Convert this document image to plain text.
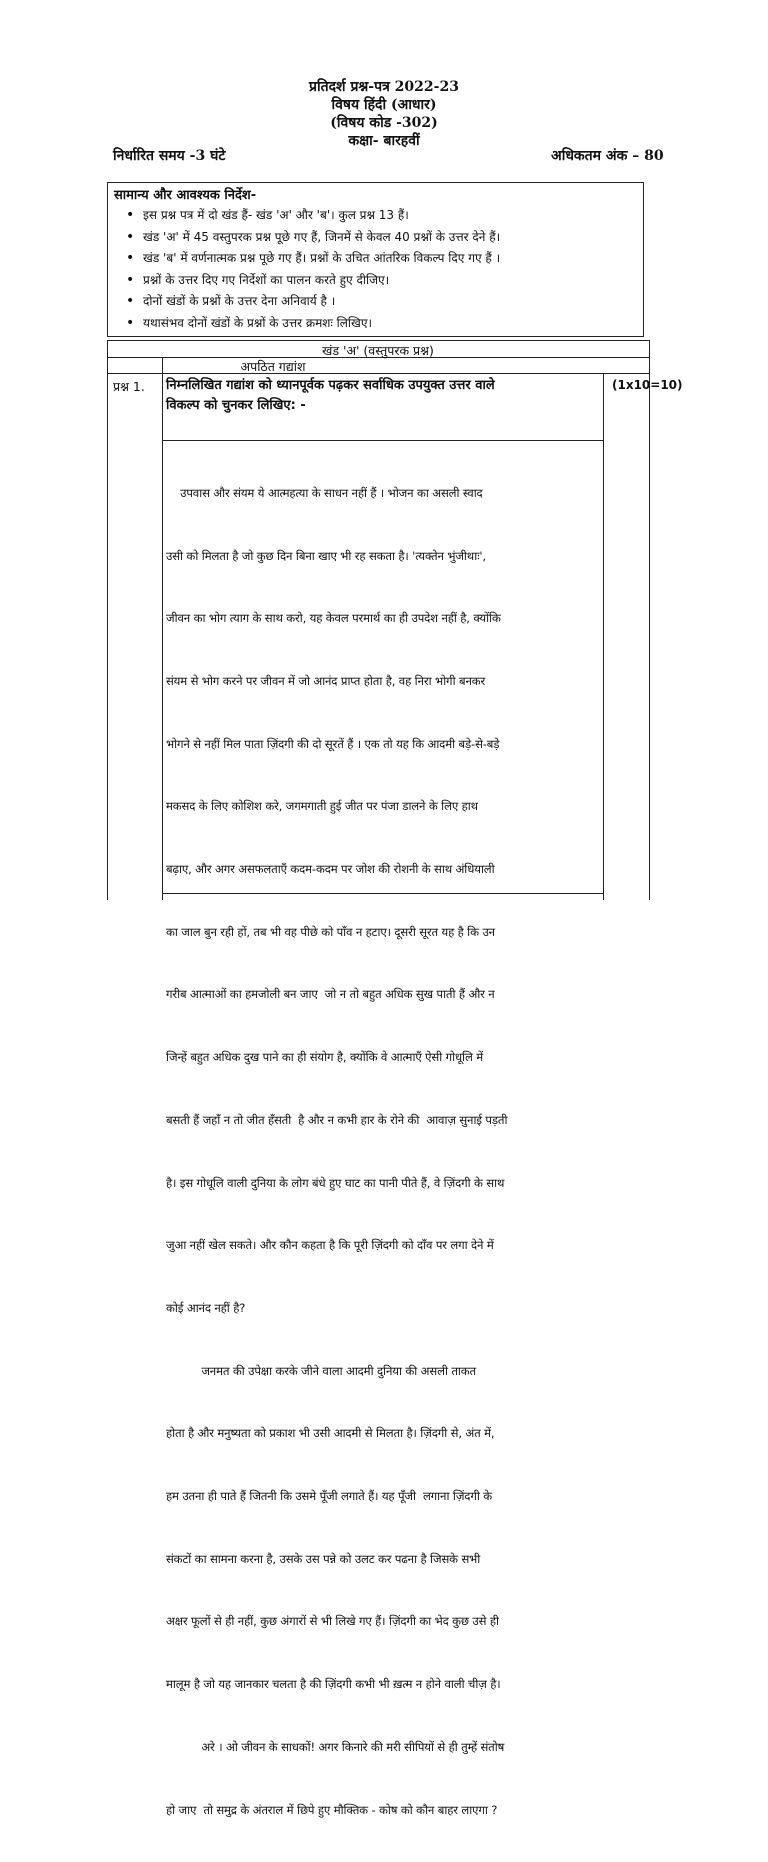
प्रतिदर्श प्रश्न-पत्र 2022-23
विषय हिंदी (आधार)
(विषय कोड -302)
कक्षा- बारहवीं
निर्धारित समय -3 घंटे	अधिकतम अंक – 80
सामान्य और आवश्यक निर्देश-
• इस प्रश्न पत्र में दो खंड हैं- खंड 'अ' और 'ब'। कुल प्रश्न 13 हैं।
• खंड 'अ' में 45 वस्तुपरक प्रश्न पूछे गए हैं, जिनमें से केवल 40 प्रश्नों के उत्तर देने हैं।
• खंड 'ब' में वर्णनात्मक प्रश्न पूछे गए हैं। प्रश्नों के उचित आंतरिक विकल्प दिए गए हैं ।
• प्रश्नों के उत्तर दिए गए निर्देशों का पालन करते हुए दीजिए।
• दोनों खंडों के प्रश्नों के उत्तर देना अनिवार्य है ।
• यथासंभव दोनों खंडों के प्रश्नों के उत्तर क्रमशः लिखिए।
खंड 'अ' (वस्तुपरक प्रश्न)
अपठित गद्यांश
प्रश्न 1. निम्नलिखित गद्यांश को ध्यानपूर्वक पढ़कर सर्वाधिक उपयुक्त उत्तर वाले
विकल्प को चुनकर लिखिए: -
(1x10=10)

उपवास और संयम ये आत्महत्या के साधन नहीं हैं । भोजन का असली स्वाद

उसी को मिलता है जो कुछ दिन बिना खाए भी रह सकता है। 'त्यक्तेन भुंजीथाः',

जीवन का भोग त्याग के साथ करो, यह केवल परमार्थ का ही उपदेश नहीं है, क्योंकि

संयम से भोग करने पर जीवन में जो आनंद प्राप्त होता है, वह निरा भोगी बनकर

भोगने से नहीं मिल पाता ज़िंदगी की दो सूरतें हैं । एक तो यह कि आदमी बड़े-से-बड़े

मकसद के लिए कोशिश करे, जगमगाती हुई जीत पर पंजा डालने के लिए हाथ

बढ़ाए, और अगर असफलताएँ कदम-कदम पर जोश की रोशनी के साथ अंधियाली

का जाल बुन रही हों, तब भी वह पीछे को पाँव न हटाए। दूसरी सूरत यह है कि उन

गरीब आत्माओं का हमजोली बन जाए  जो न तो बहुत अधिक सुख पाती हैं और न

जिन्हें बहुत अधिक दुख पाने का ही संयोग है, क्योंकि वे आत्माएँ ऐसी गोधूलि में

बसती हैं जहाँ न तो जीत हँसती  है और न कभी हार के रोने की  आवाज़ सुनाई पड़ती

है। इस गोधूलि वाली दुनिया के लोग बंधे हुए घाट का पानी पीते हैं, वे ज़िंदगी के साथ

जुआ नहीं खेल सकते। और कौन कहता है कि पूरी ज़िंदगी को दाँव पर लगा देने में

कोई आनंद नहीं है?

जनमत की उपेक्षा करके जीने वाला आदमी दुनिया की असली ताकत

होता है और मनुष्यता को प्रकाश भी उसी आदमी से मिलता है। ज़िंदगी से, अंत में,

हम उतना ही पाते हैं जितनी कि उसमे पूँजी लगाते हैं। यह पूँजी  लगाना ज़िंदगी के

संकटों का सामना करना है, उसके उस पन्ने को उलट कर पढना है जिसके सभी

अक्षर फूलों से ही नहीं, कुछ अंगारों से भी लिखे गए हैं। ज़िंदगी का भेद कुछ उसे ही

मालूम है जो यह जानकार चलता है की ज़िंदगी कभी भी ख़त्म न होने वाली चीज़ है।

अरे । ओ जीवन के साधकों! अगर किनारे की मरी सीपियों से ही तुम्हें संतोष

हो जाए  तो समुद्र के अंतराल में छिपे हुए मौक्तिक - कोष को कौन बाहर लाएगा ?
